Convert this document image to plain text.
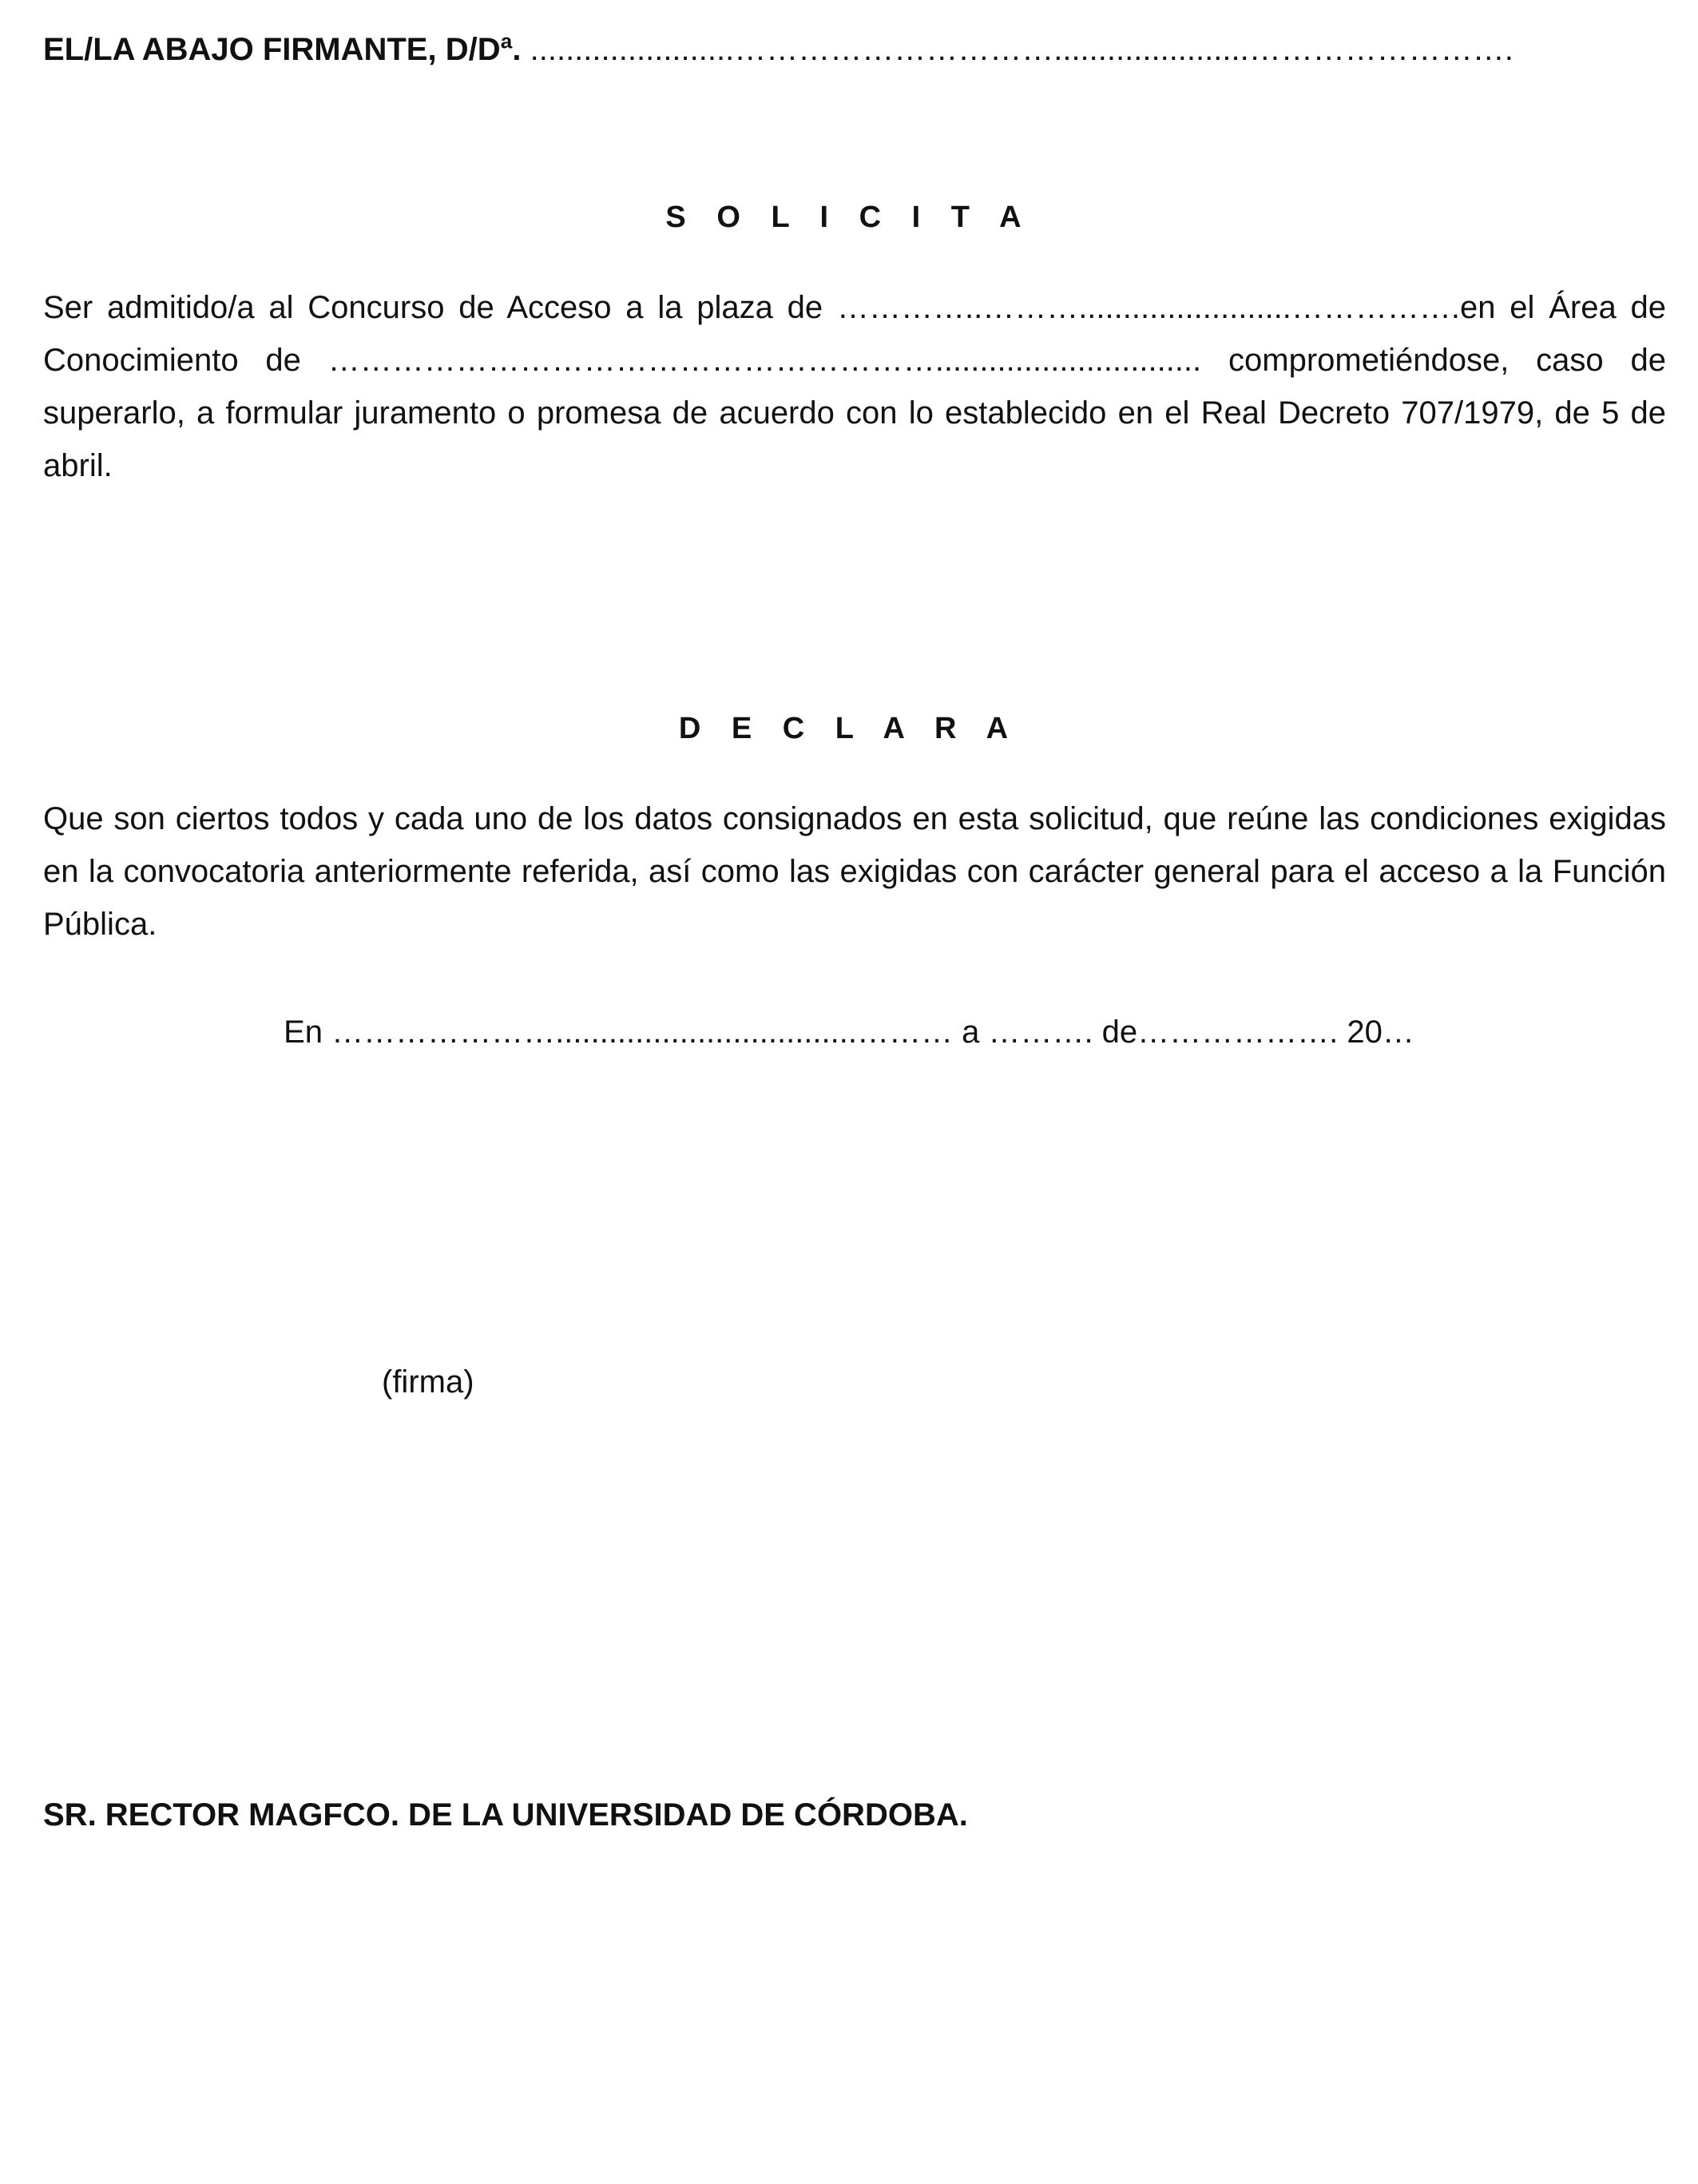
EL/LA ABAJO FIRMANTE, D/Dª. .......................…………………………......................…………………….
S O L I C I T A
Ser admitido/a al Concurso de Acceso a la plaza de …………..………........................…………….en el Área de Conocimiento de ………………………………………………….............................. comprometiéndose, caso de superarlo, a formular juramento o promesa de acuerdo con lo establecido en el Real Decreto 707/1979, de 5 de abril.
D E C L A R A
Que son ciertos todos y cada uno de los datos consignados en esta solicitud, que reúne las condiciones exigidas en la convocatoria anteriormente referida, así como las exigidas con carácter general para el acceso a la Función Pública.
En …………………..................................……… a ………. de………………. 20…
(firma)
SR. RECTOR MAGFCO. DE LA UNIVERSIDAD DE CÓRDOBA.
